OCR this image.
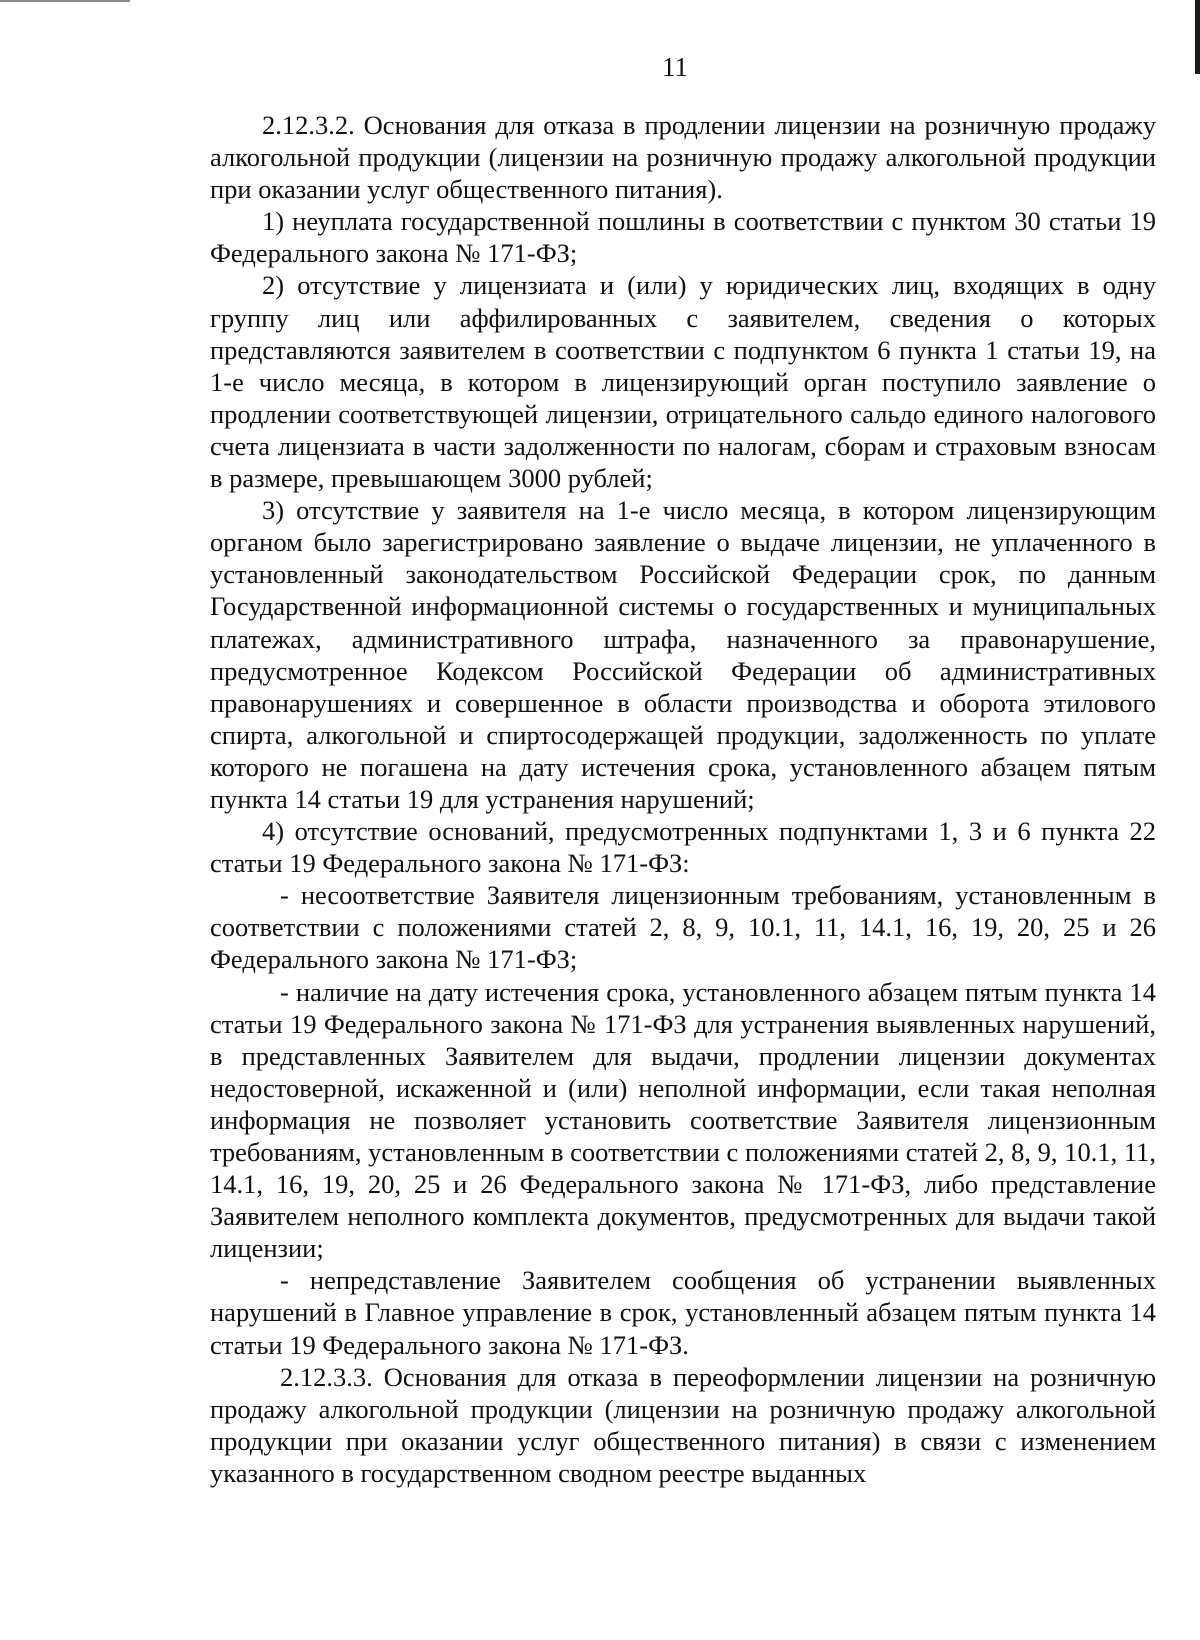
11

2.12.3.2. Основания для отказа в продлении лицензии на розничную продажу алкогольной продукции (лицензии на розничную продажу алкогольной продукции при оказании услуг общественного питания).

1) неуплата государственной пошлины в соответствии с пунктом 30 статьи 19 Федерального закона № 171-ФЗ;

2) отсутствие у лицензиата и (или) у юридических лиц, входящих в одну группу лиц или аффилированных с заявителем, сведения о которых представляются заявителем в соответствии с подпунктом 6 пункта 1 статьи 19, на 1-е число месяца, в котором в лицензирующий орган поступило заявление о продлении соответствующей лицензии, отрицательного сальдо единого налогового счета лицензиата в части задолженности по налогам, сборам и страховым взносам в размере, превышающем 3000 рублей;

3) отсутствие у заявителя на 1-е число месяца, в котором лицензирующим органом было зарегистрировано заявление о выдаче лицензии, не уплаченного в установленный законодательством Российской Федерации срок, по данным Государственной информационной системы о государственных и муниципальных платежах, административного штрафа, назначенного за правонарушение, предусмотренное Кодексом Российской Федерации об административных правонарушениях и совершенное в области производства и оборота этилового спирта, алкогольной и спиртосодержащей продукции, задолженность по уплате которого не погашена на дату истечения срока, установленного абзацем пятым пункта 14 статьи 19 для устранения нарушений;

4) отсутствие оснований, предусмотренных подпунктами 1, 3 и 6 пункта 22 статьи 19 Федерального закона № 171-ФЗ:

- несоответствие Заявителя лицензионным требованиям, установленным в соответствии с положениями статей 2, 8, 9, 10.1, 11, 14.1, 16, 19, 20, 25 и 26 Федерального закона № 171-ФЗ;

- наличие на дату истечения срока, установленного абзацем пятым пункта 14 статьи 19 Федерального закона № 171-ФЗ для устранения выявленных нарушений, в представленных Заявителем для выдачи, продлении лицензии документах недостоверной, искаженной и (или) неполной информации, если такая неполная информация не позволяет установить соответствие Заявителя лицензионным требованиям, установленным в соответствии с положениями статей 2, 8, 9, 10.1, 11, 14.1, 16, 19, 20, 25 и 26 Федерального закона № 171-ФЗ, либо представление Заявителем неполного комплекта документов, предусмотренных для выдачи такой лицензии;

- непредставление Заявителем сообщения об устранении выявленных нарушений в Главное управление в срок, установленный абзацем пятым пункта 14 статьи 19 Федерального закона № 171-ФЗ.

2.12.3.3. Основания для отказа в переоформлении лицензии на розничную продажу алкогольной продукции (лицензии на розничную продажу алкогольной продукции при оказании услуг общественного питания) в связи с изменением указанного в государственном сводном реестре выданных
